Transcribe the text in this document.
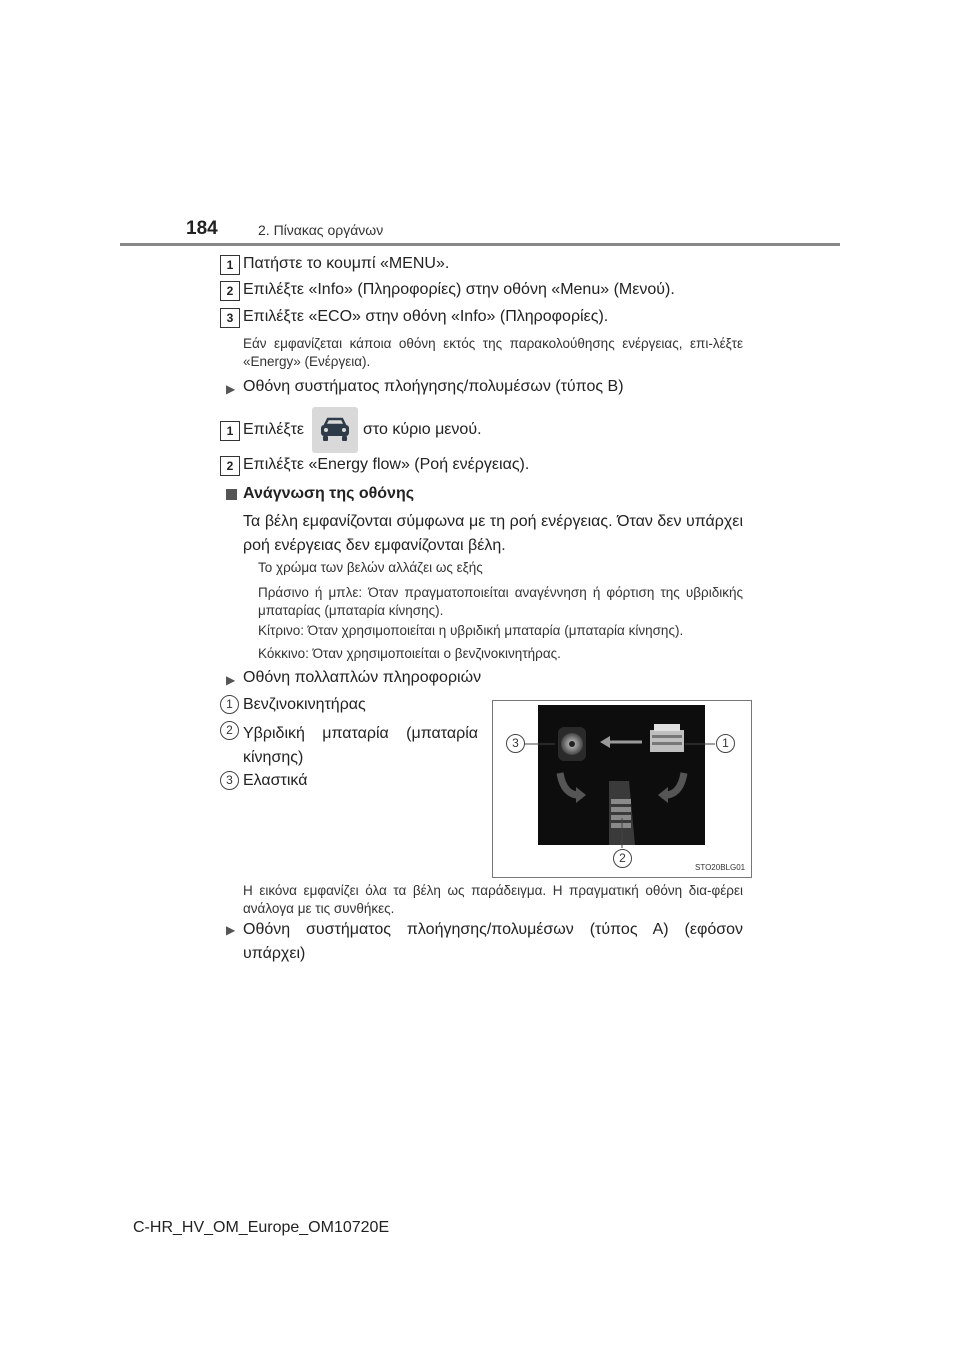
184	2. Πίνακας οργάνων
1 Πατήστε το κουμπί «MENU».
2 Επιλέξτε «Info» (Πληροφορίες) στην οθόνη «Menu» (Μενού).
3 Επιλέξτε «ECO» στην οθόνη «Info» (Πληροφορίες).
Εάν εμφανίζεται κάποια οθόνη εκτός της παρακολούθησης ενέργειας, επι-λέξτε «Energy» (Ενέργεια).
▶ Οθόνη συστήματος πλοήγησης/πολυμέσων (τύπος Β)
1 Επιλέξτε	στο κύριο μενού.
2 Επιλέξτε «Energy flow» (Ροή ενέργειας).
Ανάγνωση της οθόνης
Τα βέλη εμφανίζονται σύμφωνα με τη ροή ενέργειας. Όταν δεν υπάρχει ροή ενέργειας δεν εμφανίζονται βέλη.
Το χρώμα των βελών αλλάζει ως εξής
Πράσινο ή μπλε: Όταν πραγματοποιείται αναγέννηση ή φόρτιση της υβριδικής μπαταρίας (μπαταρία κίνησης).
Κίτρινο: Όταν χρησιμοποιείται η υβριδική μπαταρία (μπαταρία κίνησης).
Κόκκινο: Όταν χρησιμοποιείται ο βενζινοκινητήρας.
▶ Οθόνη πολλαπλών πληροφοριών
1 Βενζινοκινητήρας
2 Υβριδική μπαταρία (μπαταρία κίνησης)
3 Ελαστικά
3	1
2
STO20BLG01
Η εικόνα εμφανίζει όλα τα βέλη ως παράδειγμα. Η πραγματική οθόνη δια-φέρει ανάλογα με τις συνθήκες.
▶ Οθόνη συστήματος πλοήγησης/πολυμέσων (τύπος Α) (εφόσον υπάρχει)
C-HR_HV_OM_Europe_OM10720E
